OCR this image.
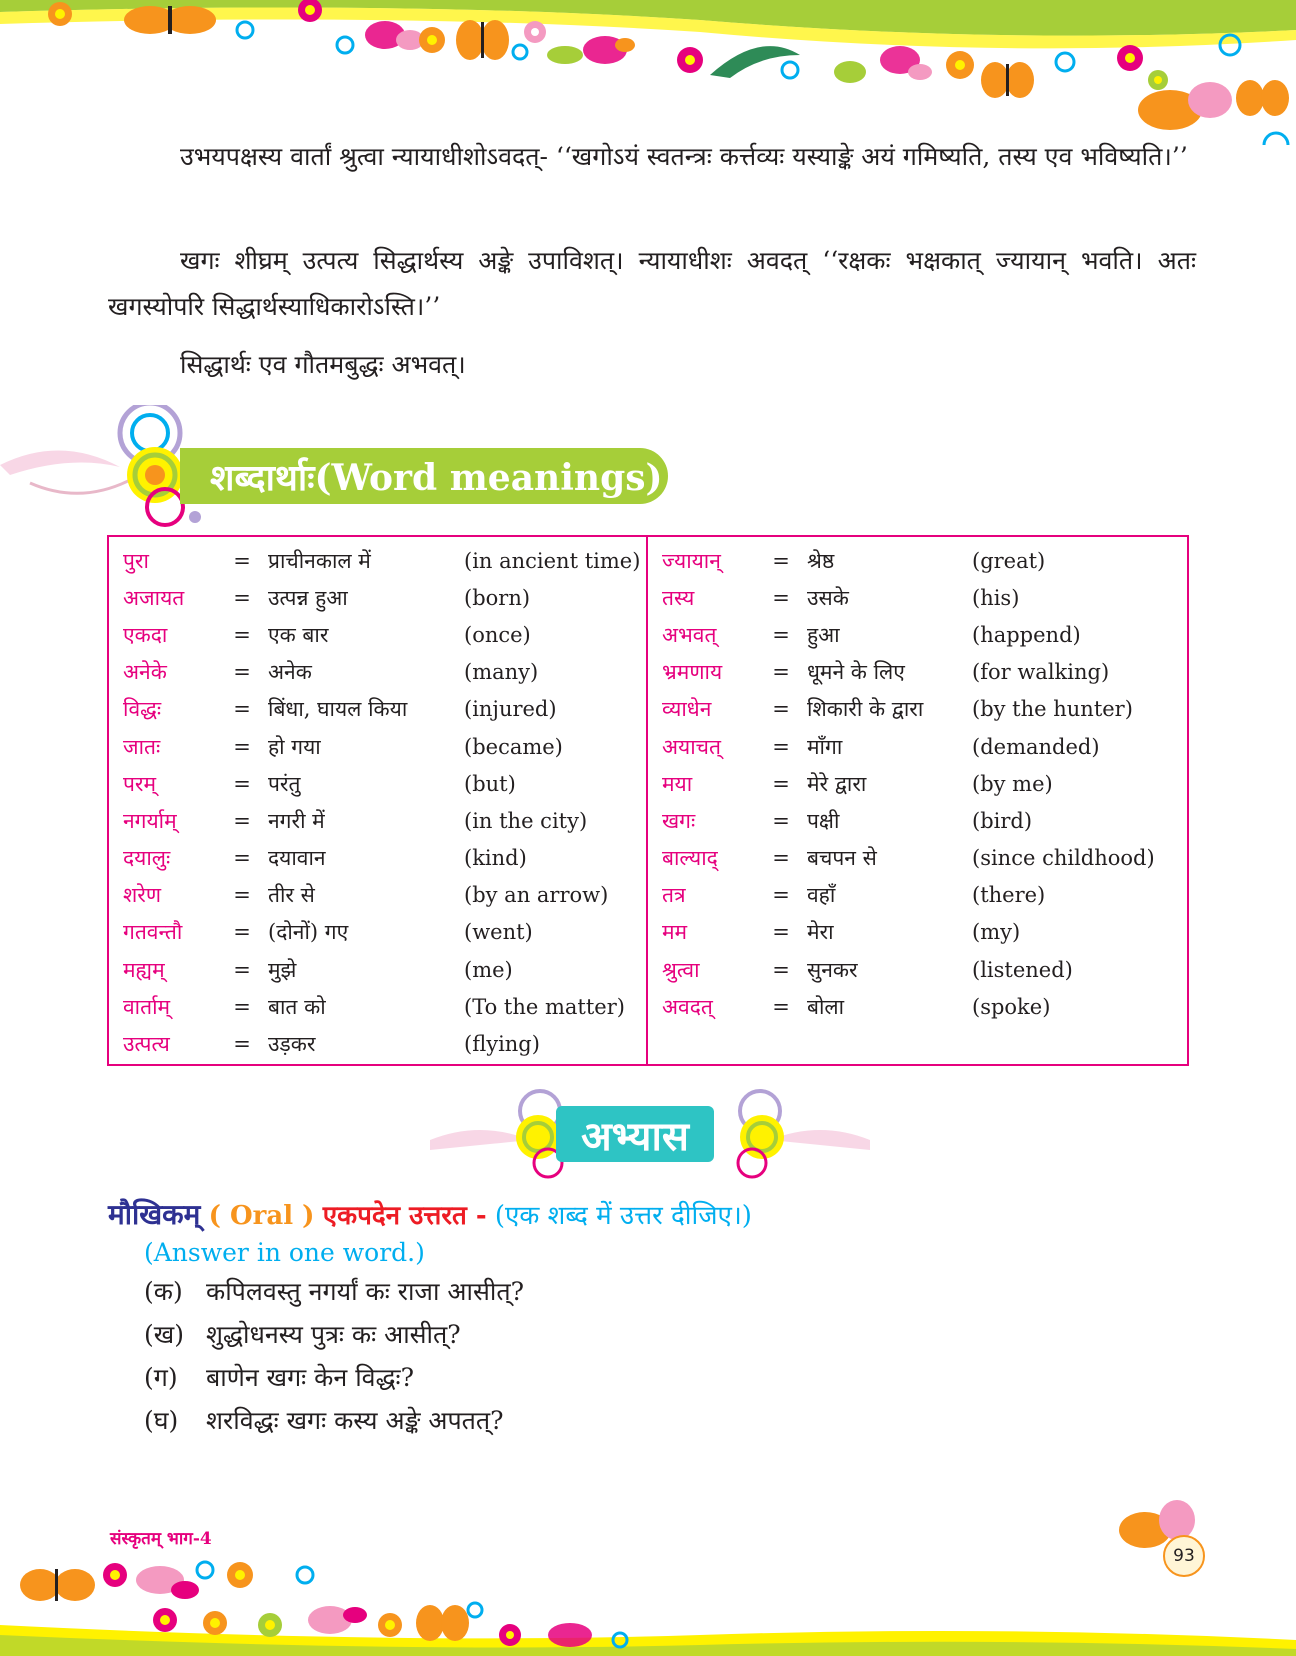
उभयपक्षस्य वार्तां श्रुत्वा न्यायाधीशोऽवदत्- ‘‘खगोऽयं स्वतन्त्रः कर्त्तव्यः यस्याङ्के अयं गमिष्यति, तस्य एव भविष्यति।’’
खगः शीघ्रम् उत्पत्य सिद्धार्थस्य अङ्के उपाविशत्। न्यायाधीशः अवदत् ‘‘रक्षकः भक्षकात् ज्यायान् भवति। अतः खगस्योपरि सिद्धार्थस्याधिकारोऽस्ति।’’
सिद्धार्थः एव गौतमबुद्धः अभवत्।
शब्दार्थाः(Word meanings)
पुरा	= प्राचीनकाल में	(in ancient time)
अजायत	= उत्पन्न हुआ	(born)
एकदा	= एक बार	(once)
अनेके	= अनेक	(many)
विद्धः	= बिंधा, घायल किया	(injured)
जातः	= हो गया	(became)
परम्	= परंतु	(but)
नगर्याम्	= नगरी में	(in the city)
दयालुः	= दयावान	(kind)
शरेण	= तीर से	(by an arrow)
गतवन्तौ	= (दोनों) गए	(went)
मह्यम्	= मुझे	(me)
वार्ताम्	= बात को	(To the matter)
उत्पत्य	= उड़कर	(flying)
ज्यायान्	= श्रेष्ठ	(great)
तस्य	= उसके	(his)
अभवत्	= हुआ	(happend)
भ्रमणाय	= धूमने के लिए	(for walking)
व्याधेन	= शिकारी के द्वारा	(by the hunter)
अयाचत्	= माँगा	(demanded)
मया	= मेरे द्वारा	(by me)
खगः	= पक्षी	(bird)
बाल्याद्	= बचपन से	(since childhood)
तत्र	= वहाँ	(there)
मम	= मेरा	(my)
श्रुत्वा	= सुनकर	(listened)
अवदत्	= बोला	(spoke)
अभ्यास
मौखिकम् ( Oral ) एकपदेन उत्तरत - (एक शब्द में उत्तर दीजिए।)
(Answer in one word.)
(क) कपिलवस्तु नगर्यां कः राजा आसीत्?
(ख) शुद्धोधनस्य पुत्रः कः आसीत्?
(ग) बाणेन खगः केन विद्धः?
(घ) शरविद्धः खगः कस्य अङ्के अपतत्?
संस्कृतम् भाग-4
93
